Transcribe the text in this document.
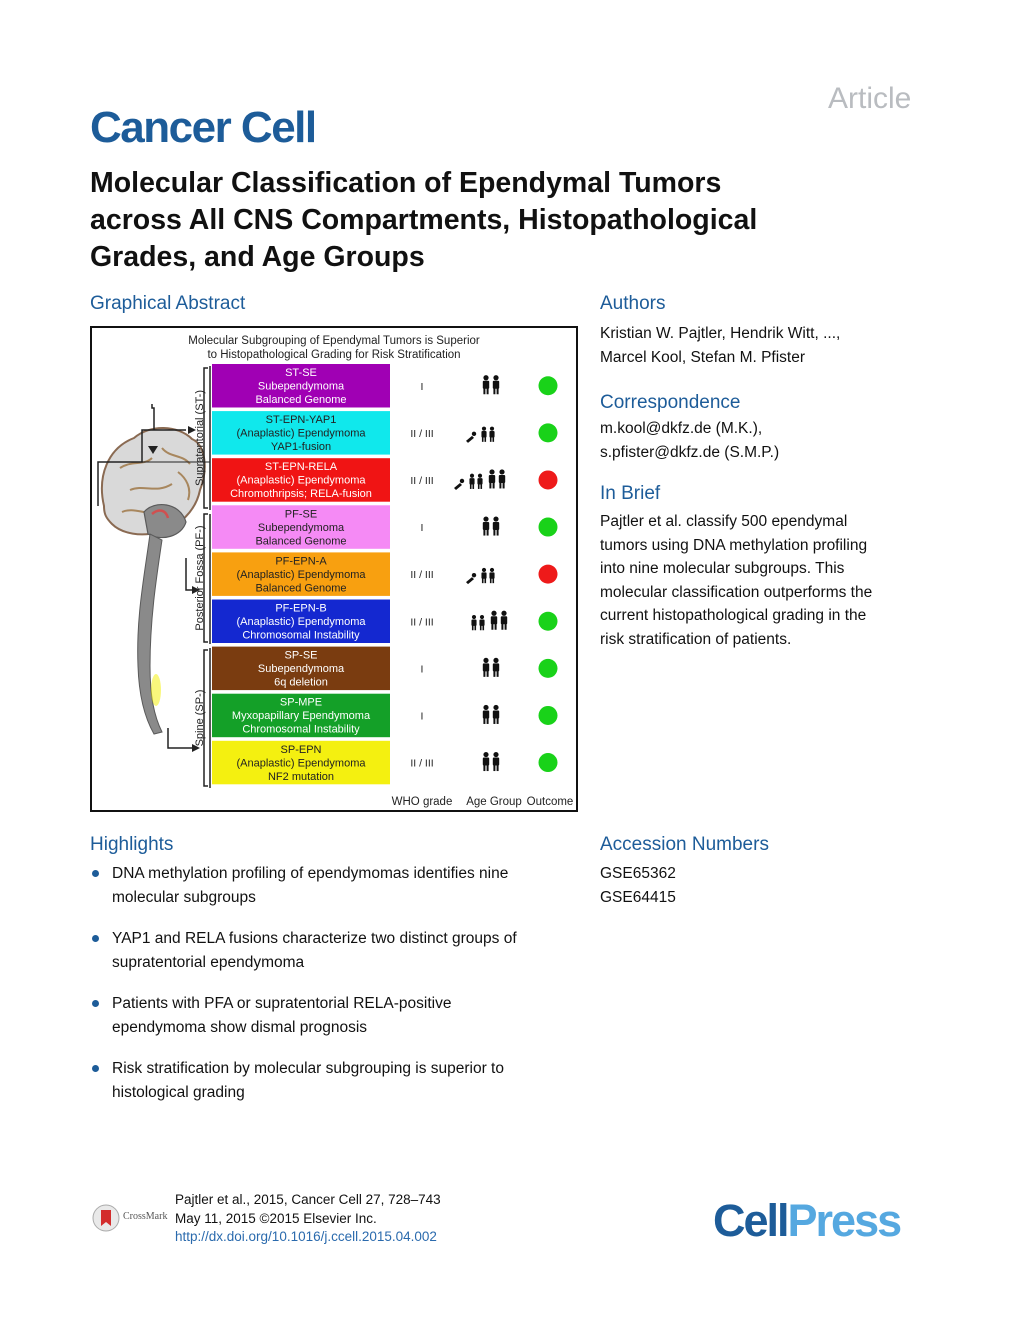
Article
Cancer Cell
Molecular Classification of Ependymal Tumors
across All CNS Compartments, Histopathological
Grades, and Age Groups
Graphical Abstract
Molecular Subgrouping of Ependymal Tumors is Superior
to Histopathological Grading for Risk Stratification
Supratentorial (ST-)
Posterior Fossa (PF-)
Spine (SP-)
ST-SE
Subependymoma
Balanced Genome
I
ST-EPN-YAP1
(Anaplastic) Ependymoma
YAP1-fusion
II / III
ST-EPN-RELA
(Anaplastic) Ependymoma
Chromothripsis; RELA-fusion
II / III
PF-SE
Subependymoma
Balanced Genome
I
PF-EPN-A
(Anaplastic) Ependymoma
Balanced Genome
II / III
PF-EPN-B
(Anaplastic) Ependymoma
Chromosomal Instability
II / III
SP-SE
Subependymoma
6q deletion
I
SP-MPE
Myxopapillary Ependymoma
Chromosomal Instability
I
SP-EPN
(Anaplastic) Ependymoma
NF2 mutation
II / III
WHO grade Age Group Outcome
Authors
Kristian W. Pajtler, Hendrik Witt, ...,
Marcel Kool, Stefan M. Pfister
Correspondence
m.kool@dkfz.de (M.K.),
s.pfister@dkfz.de (S.M.P.)
In Brief
Pajtler et al. classify 500 ependymal
tumors using DNA methylation profiling
into nine molecular subgroups. This
molecular classification outperforms the
current histopathological grading in the
risk stratification of patients.
Highlights
DNA methylation profiling of ependymomas identifies nine
molecular subgroups
YAP1 and RELA fusions characterize two distinct groups of
supratentorial ependymoma
Patients with PFA or supratentorial RELA-positive
ependymoma show dismal prognosis
Risk stratification by molecular subgrouping is superior to
histological grading
Accession Numbers
GSE65362
GSE64415
CrossMark
Pajtler et al., 2015, Cancer Cell 27, 728–743
May 11, 2015 ©2015 Elsevier Inc.
http://dx.doi.org/10.1016/j.ccell.2015.04.002	CellPress
